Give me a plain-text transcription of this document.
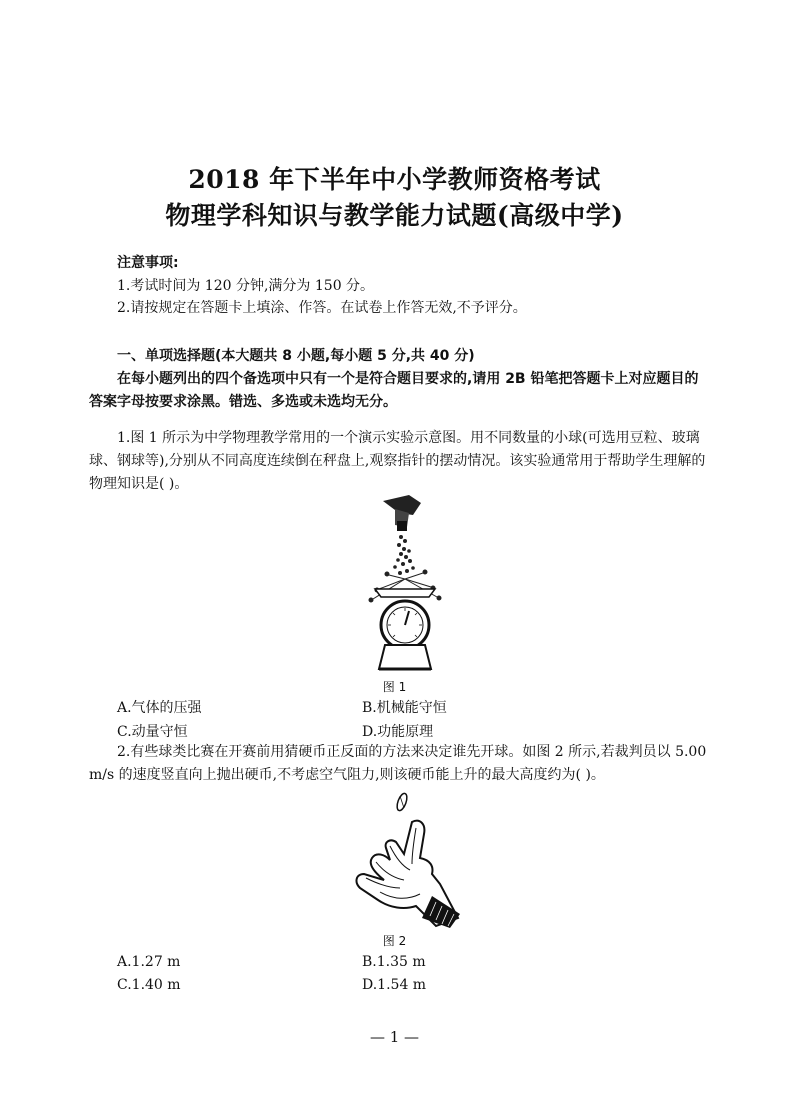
2018 年下半年中小学教师资格考试
物理学科知识与教学能力试题(高级中学)
注意事项:
1.考试时间为 120 分钟,满分为 150 分。
2.请按规定在答题卡上填涂、作答。在试卷上作答无效,不予评分。
一、单项选择题(本大题共 8 小题,每小题 5 分,共 40 分)
在每小题列出的四个备选项中只有一个是符合题目要求的,请用 2B 铅笔把答题卡上对应题目的答案字母按要求涂黑。错选、多选或未选均无分。
1.图 1 所示为中学物理教学常用的一个演示实验示意图。用不同数量的小球(可选用豆粒、玻璃球、钢球等),分别从不同高度连续倒在秤盘上,观察指针的摆动情况。该实验通常用于帮助学生理解的物理知识是( )。
图 1
A.气体的压强	B.机械能守恒
C.动量守恒	D.功能原理
2.有些球类比赛在开赛前用猜硬币正反面的方法来决定谁先开球。如图 2 所示,若裁判员以 5.00 m/s 的速度竖直向上抛出硬币,不考虑空气阻力,则该硬币能上升的最大高度约为( )。
图 2
A.1.27 m	B.1.35 m
C.1.40 m	D.1.54 m
— 1 —
